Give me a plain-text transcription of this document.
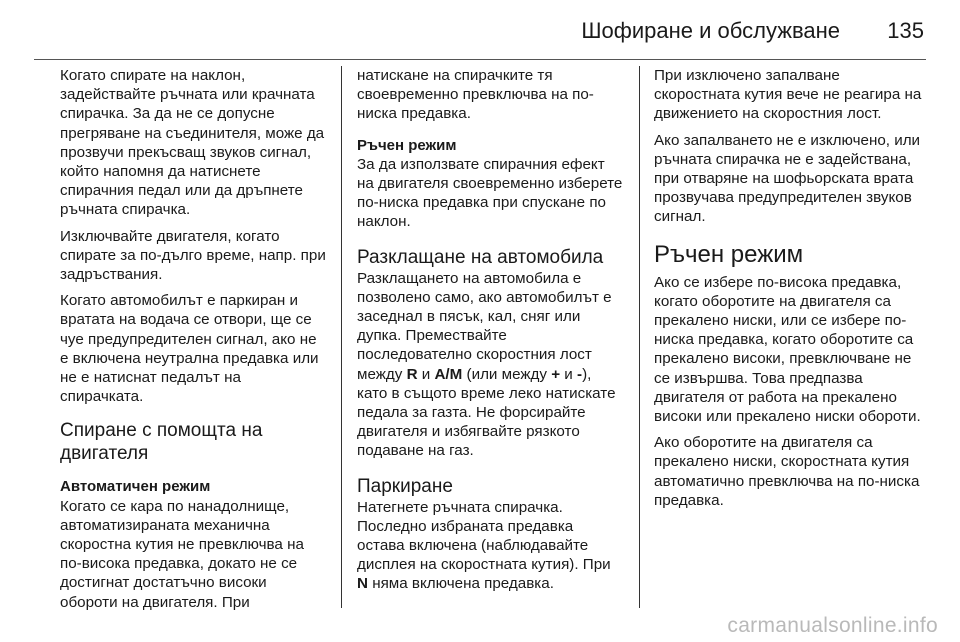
Шофиране и обслужване 135

Когато спирате на наклон, задействайте ръчната или крачната спирачка. За да не се допусне прегряване на съединителя, може да прозвучи прекъсващ звуков сигнал, който напомня да натиснете спирачния педал или да дръпнете ръчната спирачка.

Изключвайте двигателя, когато спирате за по-дълго време, напр. при задръствания.

Когато автомобилът е паркиран и вратата на водача се отвори, ще се чуе предупредителен сигнал, ако не е включена неутрална предавка или не е натиснат педалът на спирачката.

Спиране с помощта на двигателя
Автоматичен режим

Когато се кара по нанадолнище, автоматизираната механична скоростна кутия не превключва на по-висока предавка, докато не се достигнат достатъчно високи обороти на двигателя. При

натискане на спирачките тя своевременно превключва на по-ниска предавка.

Ръчен режим

За да използвате спирачния ефект на двигателя своевременно изберете по-ниска предавка при спускане по наклон.

Разклащане на автомобила

Разклащането на автомобила е позволено само, ако автомобилът е заседнал в пясък, кал, сняг или дупка. Премествайте последователно скоростния лост между R и A/M (или между + и -), като в същото време леко натискате педала за газта. Не форсирайте двигателя и избягвайте рязкото подаване на газ.

Паркиране

Натегнете ръчната спирачка. Последно избраната предавка остава включена (наблюдавайте дисплея на скоростната кутия). При N няма включена предавка.

При изключено запалване скоростната кутия вече не реагира на движението на скоростния лост.

Ако запалването не е изключено, или ръчната спирачка не е задействана, при отваряне на шофьорската врата прозвучава предупредителен звуков сигнал.

Ръчен режим

Ако се избере по-висока предавка, когато оборотите на двигателя са прекалено ниски, или се избере по-ниска предавка, когато оборотите са прекалено високи, превключване не се извършва. Това предпазва двигателя от работа на прекалено високи или прекалено ниски обороти.

Ако оборотите на двигателя са прекалено ниски, скоростната кутия автоматично превключва на по-ниска предавка.

carmanualsonline.info
